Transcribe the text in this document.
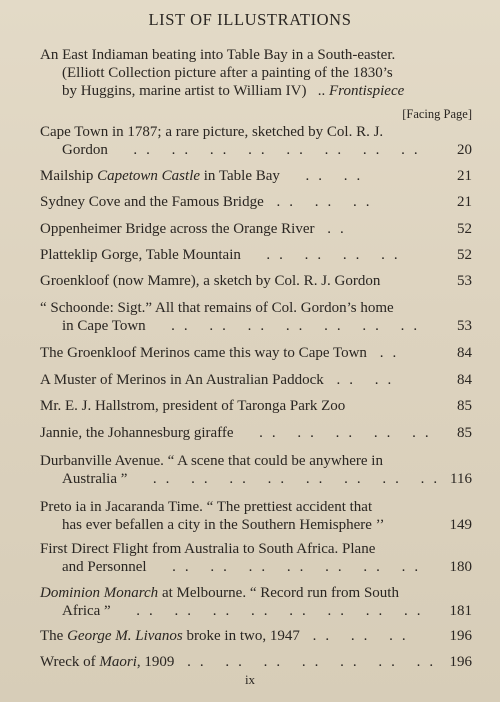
LIST OF ILLUSTRATIONS
An East Indiaman beating into Table Bay in a South-easter.
(Elliott Collection picture after a painting of the 1830’s
by Huggins, marine artist to William IV) .. Frontispiece
[Facing Page]
Cape Town in 1787; a rare picture, sketched by Col. R. J.
Gordon  .. .. .. .. .. .. .. ..	20
Mailship Capetown Castle in Table Bay  .. ..	21
Sydney Cove and the Famous Bridge .. .. ..	21
Oppenheimer Bridge across the Orange River ..	52
Platteklip Gorge, Table Mountain  .. .. .. ..	52
Groenkloof (now Mamre), a sketch by Col. R. J. Gordon	53
“ Schoonde: Sigt.” All that remains of Col. Gordon’s home
in Cape Town  .. .. .. .. .. .. ..	53
The Groenkloof Merinos came this way to Cape Town ..	84
A Muster of Merinos in An Australian Paddock .. ..	84
Mr. E. J. Hallstrom, president of Taronga Park Zoo	85
Jannie, the Johannesburg giraffe  .. .. .. .. ..	85
Durbanville Avenue. “ A scene that could be anywhere in
Australia ”  .. .. .. .. .. .. .. .. 116
Preto ia in Jacaranda Time. “ The prettiest accident that
has ever befallen a city in the Southern Hemisphere ’’	149
First Direct Flight from Australia to South Africa. Plane
and Personnel  .. .. .. .. .. .. ..	180
Dominion Monarch at Melbourne. “ Record run from South
Africa ”  .. .. .. .. .. .. .. ..	181
The George M. Livanos broke in two, 1947 .. .. ..	196
Wreck of Maori, 1909 .. .. .. .. .. .. .. 196
ix
